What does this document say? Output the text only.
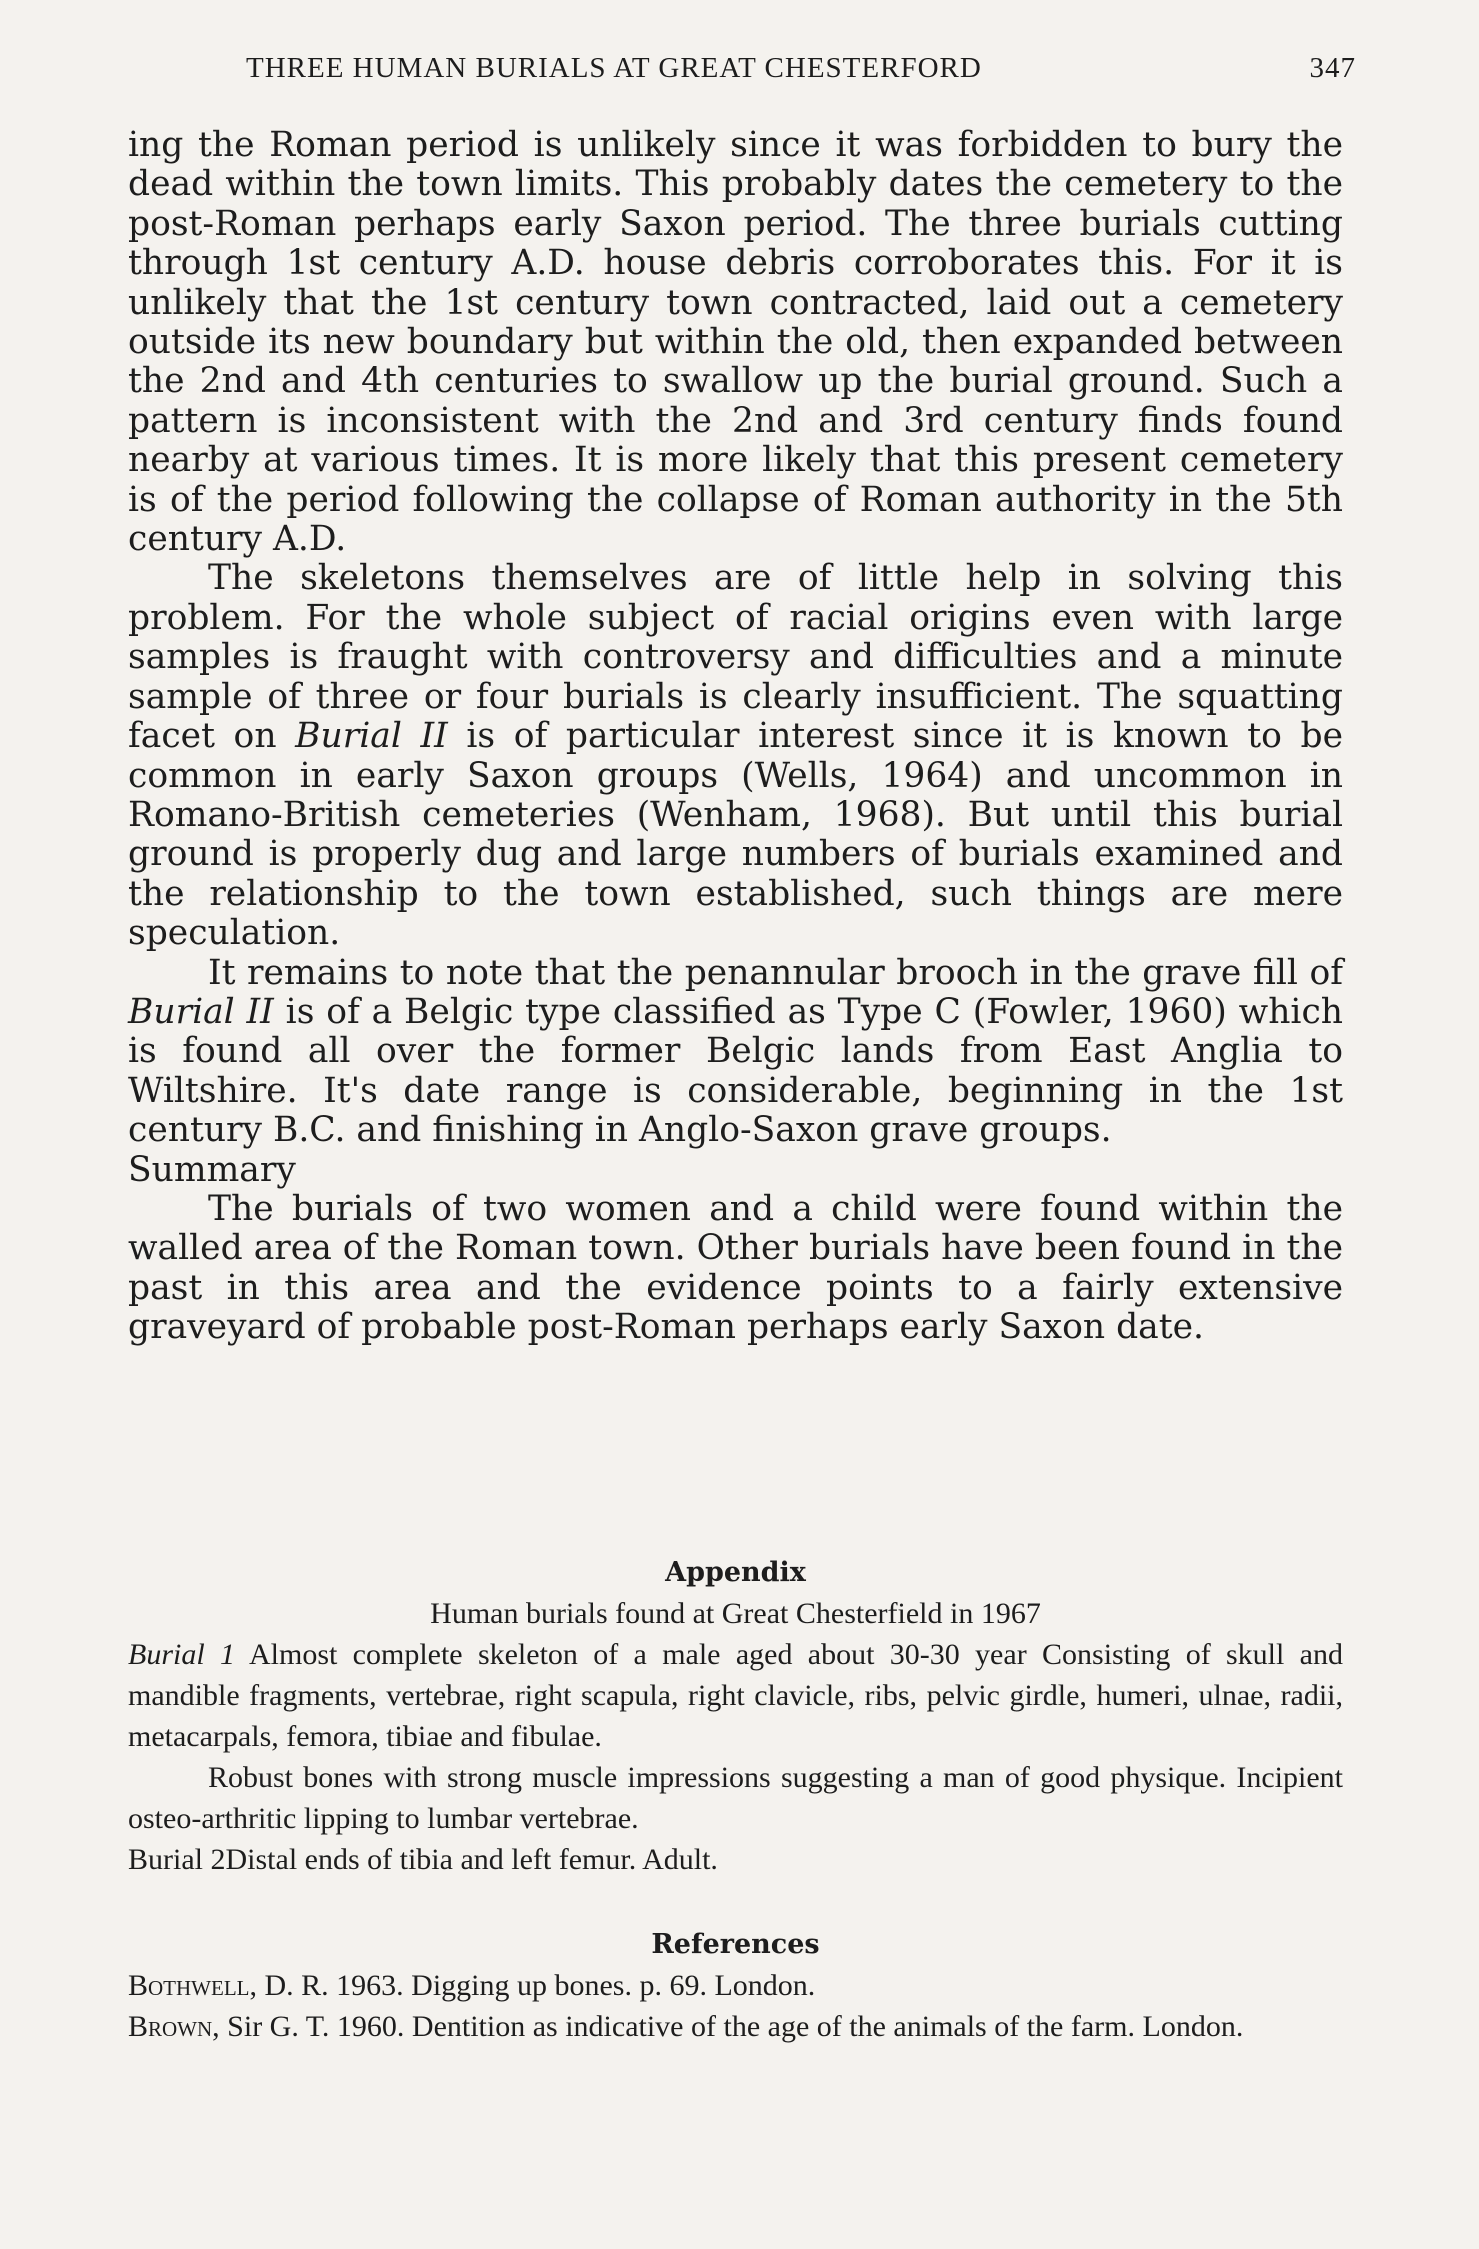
THREE HUMAN BURIALS AT GREAT CHESTERFORD	347

ing the Roman period is unlikely since it was forbidden to bury the dead within the town limits. This probably dates the cemetery to the post-Roman perhaps early Saxon period. The three burials cutting through 1st century A.D. house debris corroborates this. For it is unlikely that the 1st century town contracted, laid out a cemetery outside its new boundary but within the old, then expanded between the 2nd and 4th centuries to swallow up the burial ground. Such a pattern is inconsistent with the 2nd and 3rd century finds found nearby at various times. It is more likely that this present cemetery is of the period following the collapse of Roman authority in the 5th century A.D.

The skeletons themselves are of little help in solving this problem. For the whole subject of racial origins even with large samples is fraught with controversy and difficulties and a minute sample of three or four burials is clearly insufficient. The squatting facet on Burial II is of particular interest since it is known to be common in early Saxon groups (Wells, 1964) and uncommon in Romano-British cemeteries (Wenham, 1968). But until this burial ground is properly dug and large numbers of burials examined and the relationship to the town established, such things are mere speculation.

It remains to note that the penannular brooch in the grave fill of Burial II is of a Belgic type classified as Type C (Fowler, 1960) which is found all over the former Belgic lands from East Anglia to Wiltshire. It's date range is considerable, beginning in the 1st century B.C. and finishing in Anglo-Saxon grave groups.

Summary

The burials of two women and a child were found within the walled area of the Roman town. Other burials have been found in the past in this area and the evidence points to a fairly extensive graveyard of probable post-Roman perhaps early Saxon date.

Appendix
Human burials found at Great Chesterfield in 1967

Burial 1 Almost complete skeleton of a male aged about 30-30 year Consisting of skull and mandible fragments, vertebrae, right scapula, right clavicle, ribs, pelvic girdle, humeri, ulnae, radii, metacarpals, femora, tibiae and fibulae.

Robust bones with strong muscle impressions suggesting a man of good physique. Incipient osteo-arthritic lipping to lumbar vertebrae.

Burial 2Distal ends of tibia and left femur. Adult.

References

Bothwell, D. R. 1963. Digging up bones. p. 69. London.

Brown, Sir G. T. 1960. Dentition as indicative of the age of the animals of the farm. London.
